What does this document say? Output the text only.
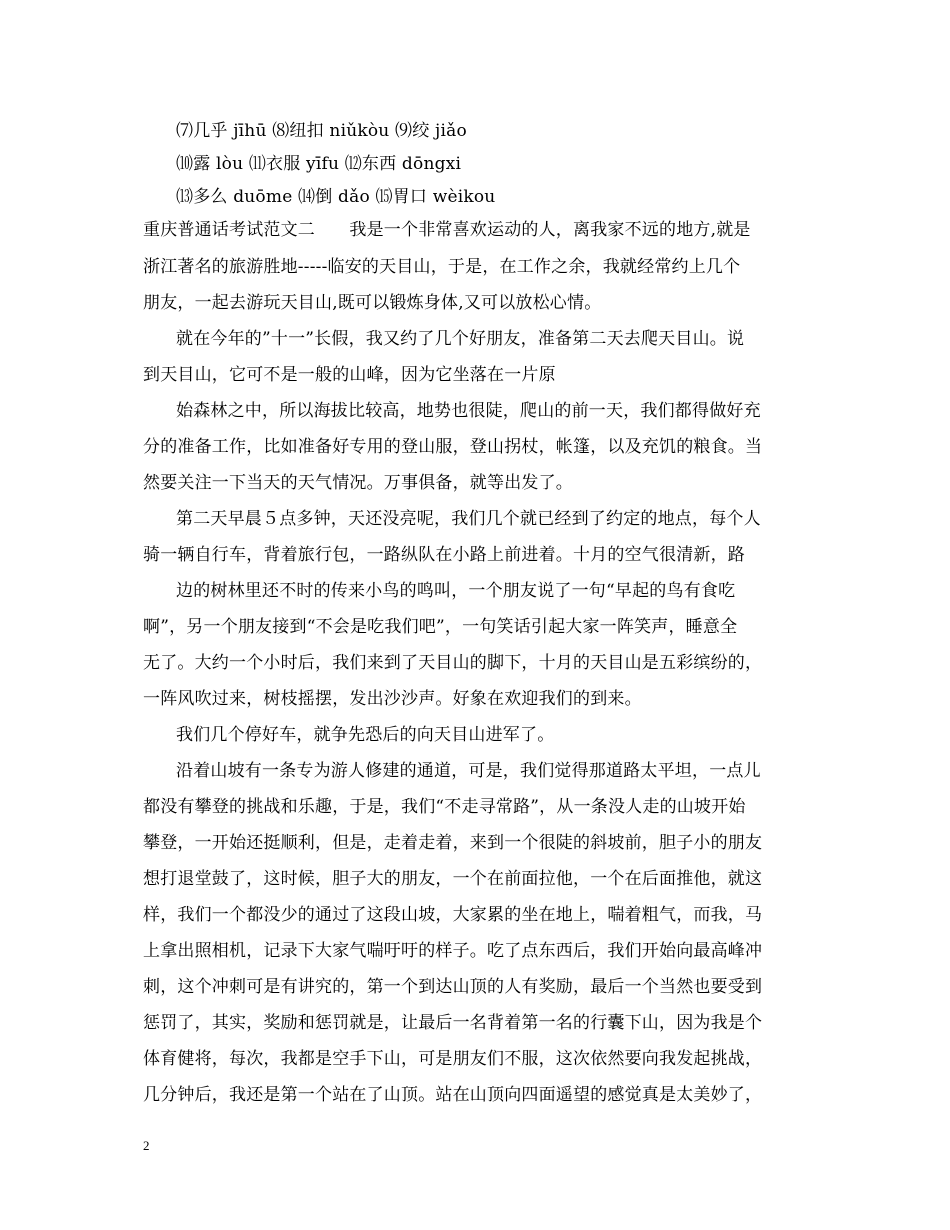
⑺几乎 jīhū ⑻纽扣 niǔkòu ⑼绞 jiǎo
⑽露 lòu ⑾衣服 yīfu ⑿东西 dōngxi
⒀多么 duōme ⒁倒 dǎo ⒂胃口 wèikou
重庆普通话考试范文二　　我是一个非常喜欢运动的人，离我家不远的地方,就是
浙江著名的旅游胜地-----临安的天目山，于是，在工作之余，我就经常约上几个
朋友，一起去游玩天目山,既可以锻炼身体,又可以放松心情。
就在今年的”十一”长假，我又约了几个好朋友，准备第二天去爬天目山。说
到天目山，它可不是一般的山峰，因为它坐落在一片原
始森林之中，所以海拔比较高，地势也很陡，爬山的前一天，我们都得做好充
分的准备工作，比如准备好专用的登山服，登山拐杖，帐篷，以及充饥的粮食。当
然要关注一下当天的天气情况。万事俱备，就等出发了。
第二天早晨５点多钟，天还没亮呢，我们几个就已经到了约定的地点，每个人
骑一辆自行车，背着旅行包，一路纵队在小路上前进着。十月的空气很清新，路
边的树林里还不时的传来小鸟的鸣叫，一个朋友说了一句“早起的鸟有食吃
啊”，另一个朋友接到“不会是吃我们吧”，一句笑话引起大家一阵笑声，睡意全
无了。大约一个小时后，我们来到了天目山的脚下，十月的天目山是五彩缤纷的，
一阵风吹过来，树枝摇摆，发出沙沙声。好象在欢迎我们的到来。
我们几个停好车，就争先恐后的向天目山进军了。
沿着山坡有一条专为游人修建的通道，可是，我们觉得那道路太平坦，一点儿
都没有攀登的挑战和乐趣，于是，我们“不走寻常路”，从一条没人走的山坡开始
攀登，一开始还挺顺利，但是，走着走着，来到一个很陡的斜坡前，胆子小的朋友
想打退堂鼓了，这时候，胆子大的朋友，一个在前面拉他，一个在后面推他，就这
样，我们一个都没少的通过了这段山坡，大家累的坐在地上，喘着粗气，而我，马
上拿出照相机，记录下大家气喘吁吁的样子。吃了点东西后，我们开始向最高峰冲
刺，这个冲刺可是有讲究的，第一个到达山顶的人有奖励，最后一个当然也要受到
惩罚了，其实，奖励和惩罚就是，让最后一名背着第一名的行囊下山，因为我是个
体育健将，每次，我都是空手下山，可是朋友们不服，这次依然要向我发起挑战，
几分钟后，我还是第一个站在了山顶。站在山顶向四面遥望的感觉真是太美妙了，
2
